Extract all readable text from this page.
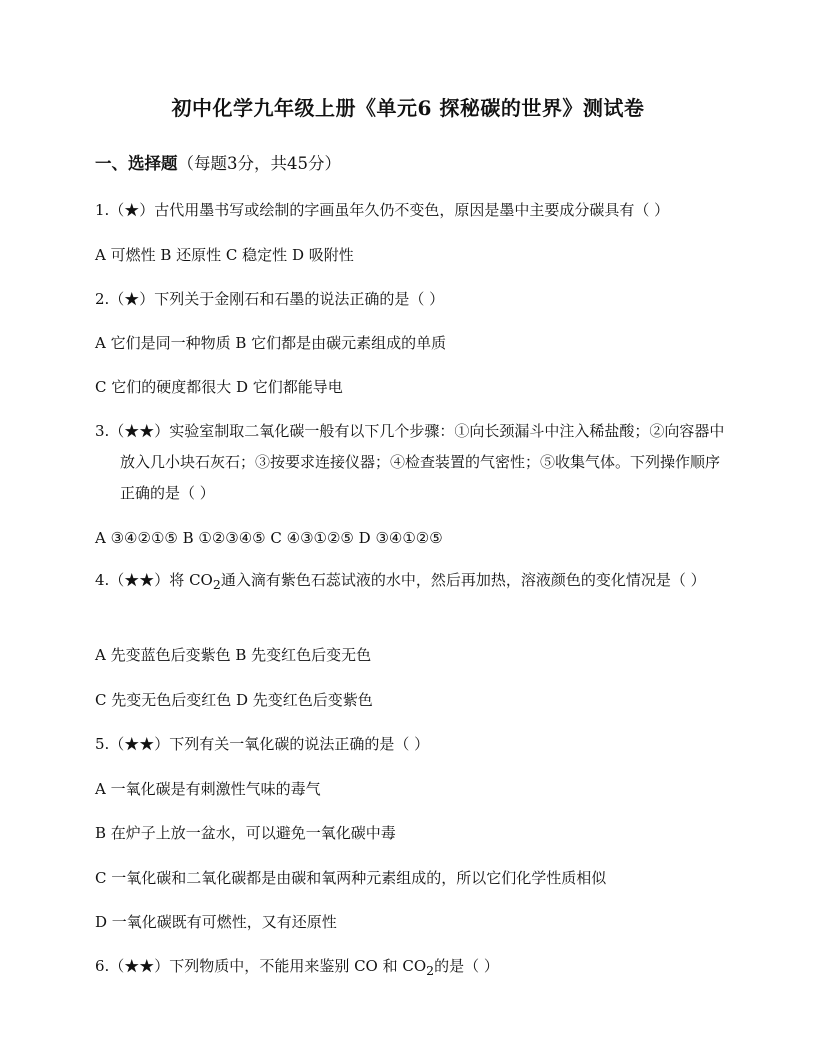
初中化学九年级上册《单元6 探秘碳的世界》测试卷
一、选择题（每题3分，共45分）
1.（★）古代用墨书写或绘制的字画虽年久仍不变色，原因是墨中主要成分碳具有（ ）
A 可燃性 B 还原性 C 稳定性 D 吸附性
2.（★）下列关于金刚石和石墨的说法正确的是（ ）
A 它们是同一种物质 B 它们都是由碳元素组成的单质
C 它们的硬度都很大 D 它们都能导电
3.（★★）实验室制取二氧化碳一般有以下几个步骤：①向长颈漏斗中注入稀盐酸；②向容器中放入几小块石灰石；③按要求连接仪器；④检查装置的气密性；⑤收集气体。下列操作顺序正确的是（ ）
A ③④②①⑤ B ①②③④⑤ C ④③①②⑤ D ③④①②⑤
4.（★★）将 $CO_2$通入滴有紫色石蕊试液的水中，然后再加热，溶液颜色的变化情况是（ ）
A 先变蓝色后变紫色 B 先变红色后变无色
C 先变无色后变红色 D 先变红色后变紫色
5.（★★）下列有关一氧化碳的说法正确的是（ ）
A 一氧化碳是有刺激性气味的毒气
B 在炉子上放一盆水，可以避免一氧化碳中毒
C 一氧化碳和二氧化碳都是由碳和氧两种元素组成的，所以它们化学性质相似
D 一氧化碳既有可燃性，又有还原性
6.（★★）下列物质中，不能用来鉴别 CO 和 $CO_2$的是（ ）
